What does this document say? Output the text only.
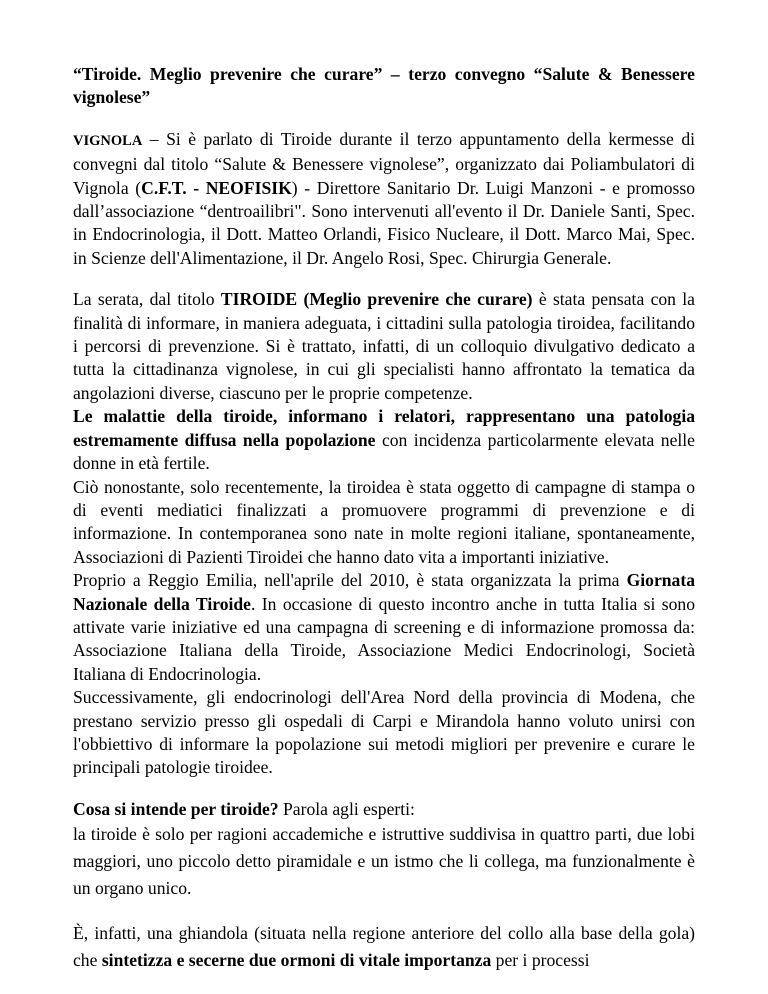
“Tiroide. Meglio prevenire che curare” – terzo convegno “Salute & Benessere vignolese”

VIGNOLA – Si è parlato di Tiroide durante il terzo appuntamento della kermesse di convegni dal titolo “Salute & Benessere vignolese”, organizzato dai Poliambulatori di Vignola (C.F.T. - NEOFISIK) - Direttore Sanitario Dr. Luigi Manzoni - e promosso dall’associazione “dentroailibri". Sono intervenuti all'evento il Dr. Daniele Santi, Spec. in Endocrinologia, il Dott. Matteo Orlandi, Fisico Nucleare, il Dott. Marco Mai, Spec. in Scienze dell'Alimentazione, il Dr. Angelo Rosi, Spec. Chirurgia Generale.

La serata, dal titolo TIROIDE (Meglio prevenire che curare) è stata pensata con la finalità di informare, in maniera adeguata, i cittadini sulla patologia tiroidea, facilitando i percorsi di prevenzione. Si è trattato, infatti, di un colloquio divulgativo dedicato a tutta la cittadinanza vignolese, in cui gli specialisti hanno affrontato la tematica da angolazioni diverse, ciascuno per le proprie competenze.

Le malattie della tiroide, informano i relatori, rappresentano una patologia estremamente diffusa nella popolazione con incidenza particolarmente elevata nelle donne in età fertile.

Ciò nonostante, solo recentemente, la tiroidea è stata oggetto di campagne di stampa o di eventi mediatici finalizzati a promuovere programmi di prevenzione e di informazione. In contemporanea sono nate in molte regioni italiane, spontaneamente, Associazioni di Pazienti Tiroidei che hanno dato vita a importanti iniziative.

Proprio a Reggio Emilia, nell'aprile del 2010, è stata organizzata la prima Giornata Nazionale della Tiroide. In occasione di questo incontro anche in tutta Italia si sono attivate varie iniziative ed una campagna di screening e di informazione promossa da: Associazione Italiana della Tiroide, Associazione Medici Endocrinologi, Società Italiana di Endocrinologia.

Successivamente, gli endocrinologi dell'Area Nord della provincia di Modena, che prestano servizio presso gli ospedali di Carpi e Mirandola hanno voluto unirsi con l'obbiettivo di informare la popolazione sui metodi migliori per prevenire e curare le principali patologie tiroidee.

Cosa si intende per tiroide? Parola agli esperti:

la tiroide è solo per ragioni accademiche e istruttive suddivisa in quattro parti, due lobi maggiori, uno piccolo detto piramidale e un istmo che li collega, ma funzionalmente è un organo unico.

È, infatti, una ghiandola (situata nella regione anteriore del collo alla base della gola) che sintetizza e secerne due ormoni di vitale importanza per i processi
